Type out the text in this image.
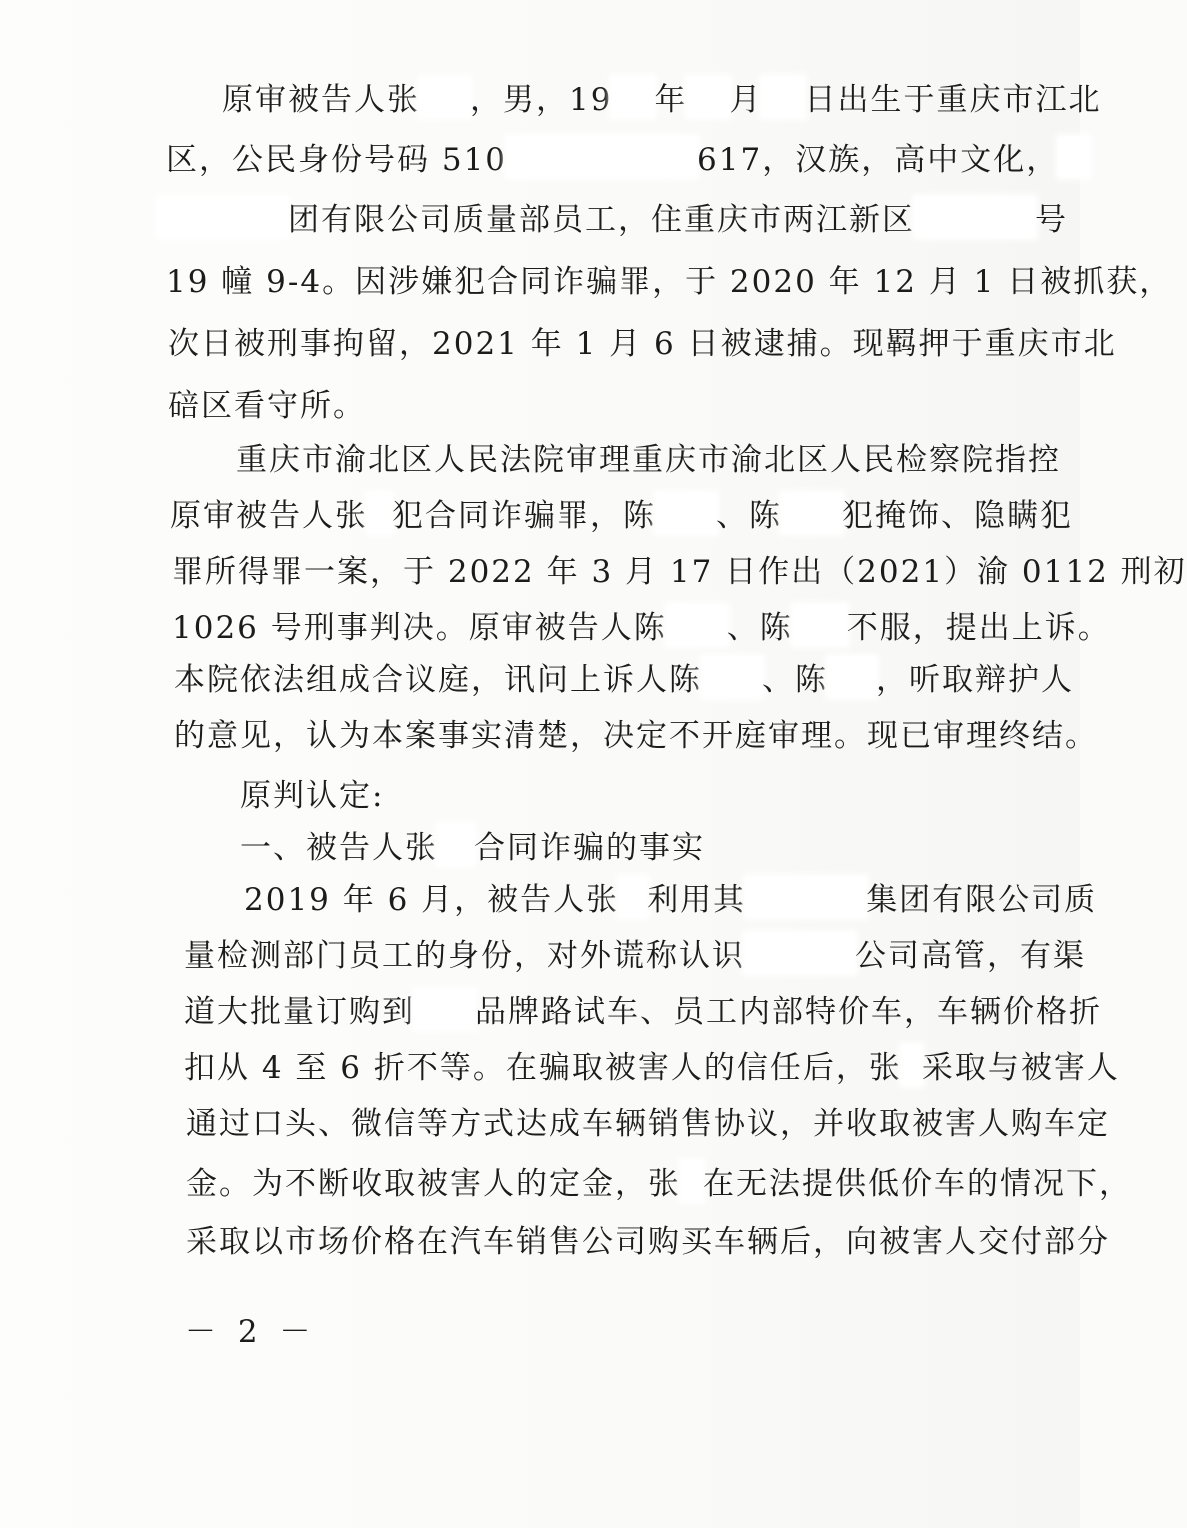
原审被告人张 ，男，19 年 月 日出生于重庆市江北
区，公民身份号码 510	617，汉族，高中文化，
团有限公司质量部员工，住重庆市两江新区	号
19 幢 9-4。因涉嫌犯合同诈骗罪，于 2020 年 12 月 1 日被抓获，
次日被刑事拘留，2021 年 1 月 6 日被逮捕。现羁押于重庆市北
碚区看守所。
重庆市渝北区人民法院审理重庆市渝北区人民检察院指控
原审被告人张 犯合同诈骗罪，陈 、陈 犯掩饰、隐瞒犯
罪所得罪一案，于 2022 年 3 月 17 日作出（2021）渝 0112 刑初
1026 号刑事判决。原审被告人陈 、陈 不服，提出上诉。
本院依法组成合议庭，讯问上诉人陈 、陈 ，听取辩护人
的意见，认为本案事实清楚，决定不开庭审理。现已审理终结。
原判认定:
一、被告人张 合同诈骗的事实
2019 年 6 月，被告人张 利用其	集团有限公司质
量检测部门员工的身份，对外谎称认识	公司高管，有渠
道大批量订购到 品牌路试车、员工内部特价车，车辆价格折
扣从 4 至 6 折不等。在骗取被害人的信任后，张 采取与被害人
通过口头、微信等方式达成车辆销售协议，并收取被害人购车定
金。为不断收取被害人的定金，张 在无法提供低价车的情况下，
采取以市场价格在汽车销售公司购买车辆后，向被害人交付部分
－ 2 －
